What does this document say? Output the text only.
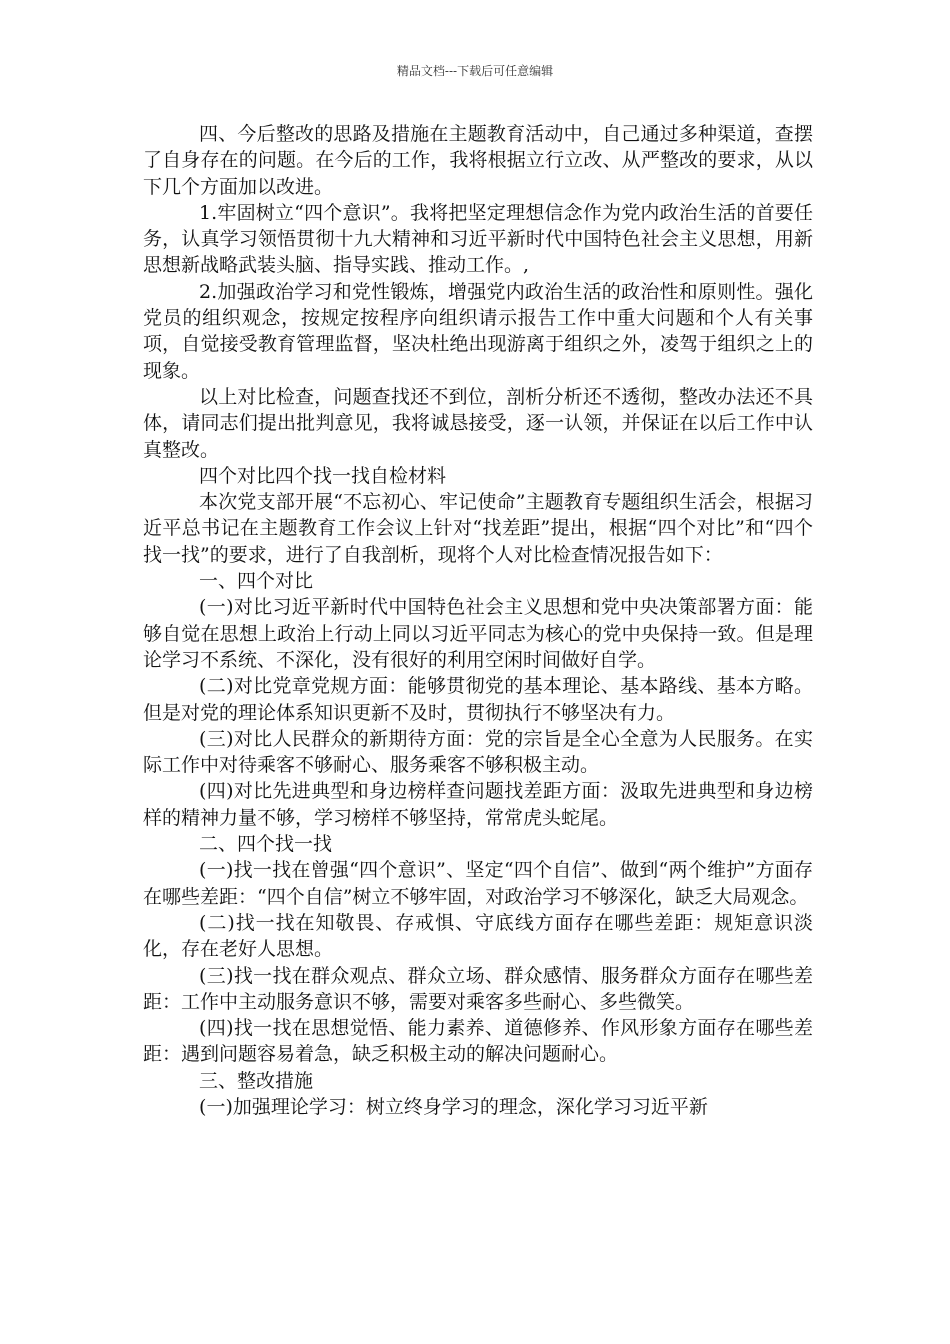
精品文档---下载后可任意编辑

四、今后整改的思路及措施在主题教育活动中，自己通过多种渠道，查摆了自身存在的问题。在今后的工作，我将根据立行立改、从严整改的要求，从以下几个方面加以改进。

1.牢固树立“四个意识”。我将把坚定理想信念作为党内政治生活的首要任务，认真学习领悟贯彻十九大精神和习近平新时代中国特色社会主义思想，用新思想新战略武装头脑、指导实践、推动工作。,

2.加强政治学习和党性锻炼，增强党内政治生活的政治性和原则性。强化党员的组织观念，按规定按程序向组织请示报告工作中重大问题和个人有关事项，自觉接受教育管理监督，坚决杜绝出现游离于组织之外，凌驾于组织之上的现象。

以上对比检查，问题查找还不到位，剖析分析还不透彻，整改办法还不具体，请同志们提出批判意见，我将诚恳接受，逐一认领，并保证在以后工作中认真整改。

四个对比四个找一找自检材料

本次党支部开展“不忘初心、牢记使命”主题教育专题组织生活会，根据习近平总书记在主题教育工作会议上针对“找差距”提出，根据“四个对比”和“四个找一找”的要求，进行了自我剖析，现将个人对比检查情况报告如下：

一、四个对比

(一)对比习近平新时代中国特色社会主义思想和党中央决策部署方面：能够自觉在思想上政治上行动上同以习近平同志为核心的党中央保持一致。但是理论学习不系统、不深化，没有很好的利用空闲时间做好自学。

(二)对比党章党规方面：能够贯彻党的基本理论、基本路线、基本方略。但是对党的理论体系知识更新不及时，贯彻执行不够坚决有力。

(三)对比人民群众的新期待方面：党的宗旨是全心全意为人民服务。在实际工作中对待乘客不够耐心、服务乘客不够积极主动。

(四)对比先进典型和身边榜样查问题找差距方面：汲取先进典型和身边榜样的精神力量不够，学习榜样不够坚持，常常虎头蛇尾。

二、四个找一找

(一)找一找在曾强“四个意识”、坚定“四个自信”、做到“两个维护”方面存在哪些差距：“四个自信”树立不够牢固，对政治学习不够深化，缺乏大局观念。

(二)找一找在知敬畏、存戒惧、守底线方面存在哪些差距：规矩意识淡化，存在老好人思想。

(三)找一找在群众观点、群众立场、群众感情、服务群众方面存在哪些差距：工作中主动服务意识不够，需要对乘客多些耐心、多些微笑。

(四)找一找在思想觉悟、能力素养、道德修养、作风形象方面存在哪些差距：遇到问题容易着急，缺乏积极主动的解决问题耐心。

三、整改措施

(一)加强理论学习：树立终身学习的理念，深化学习习近平新
